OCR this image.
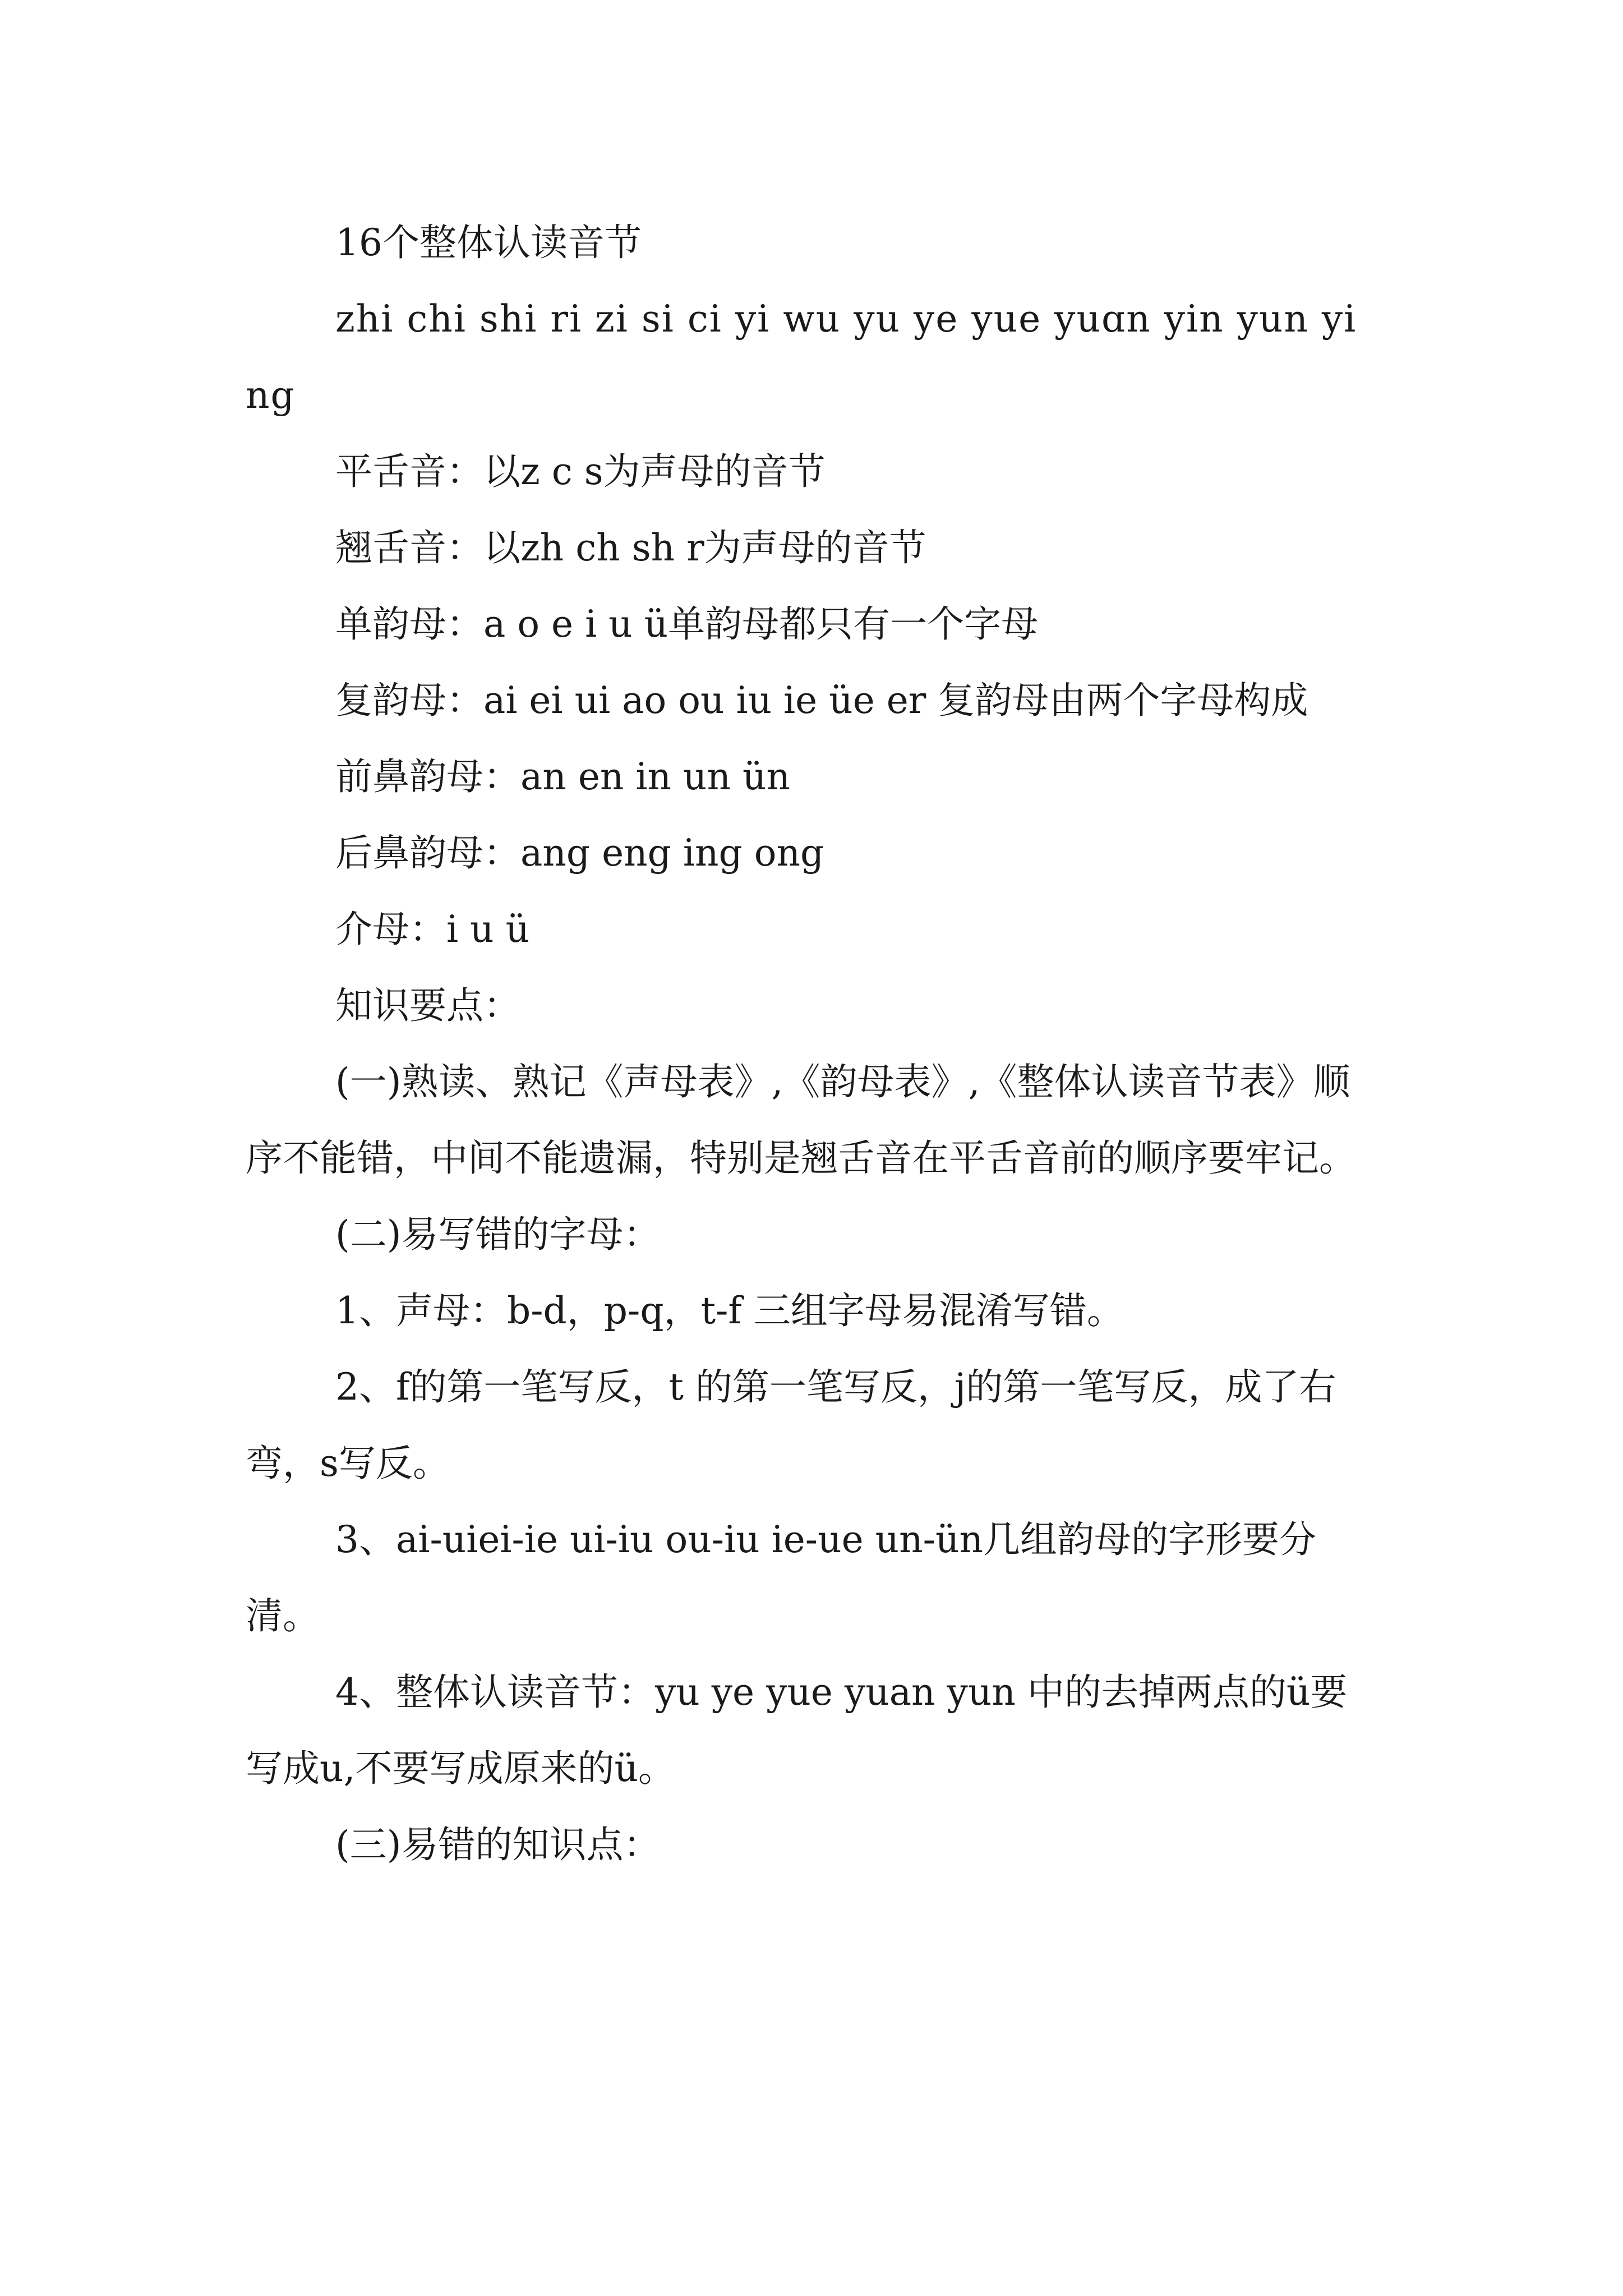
16个整体认读音节

zhi chi shi ri zi si ci yi wu yu ye yue yuɑn yin yun ying

平舌音：以z c s为声母的音节

翘舌音：以zh ch sh r为声母的音节

单韵母：a o e i u ü单韵母都只有一个字母

复韵母：ai ei ui ao ou iu ie üe er 复韵母由两个字母构成

前鼻韵母：an en in un ün

后鼻韵母：ang eng ing ong

介母：i u ü

知识要点：

(一)熟读、熟记《声母表》,《韵母表》,《整体认读音节表》顺序不能错，中间不能遗漏，特别是翘舌音在平舌音前的顺序要牢记。

(二)易写错的字母：

1、声母：b-d，p-q，t-f 三组字母易混淆写错。

2、f的第一笔写反，t 的第一笔写反，j的第一笔写反，成了右弯，s写反。

3、ai-uiei-ie ui-iu ou-iu ie-ue un-ün几组韵母的字形要分清。

4、整体认读音节：yu ye yue yuan yun 中的去掉两点的ü要写成u,不要写成原来的ü。

(三)易错的知识点：
